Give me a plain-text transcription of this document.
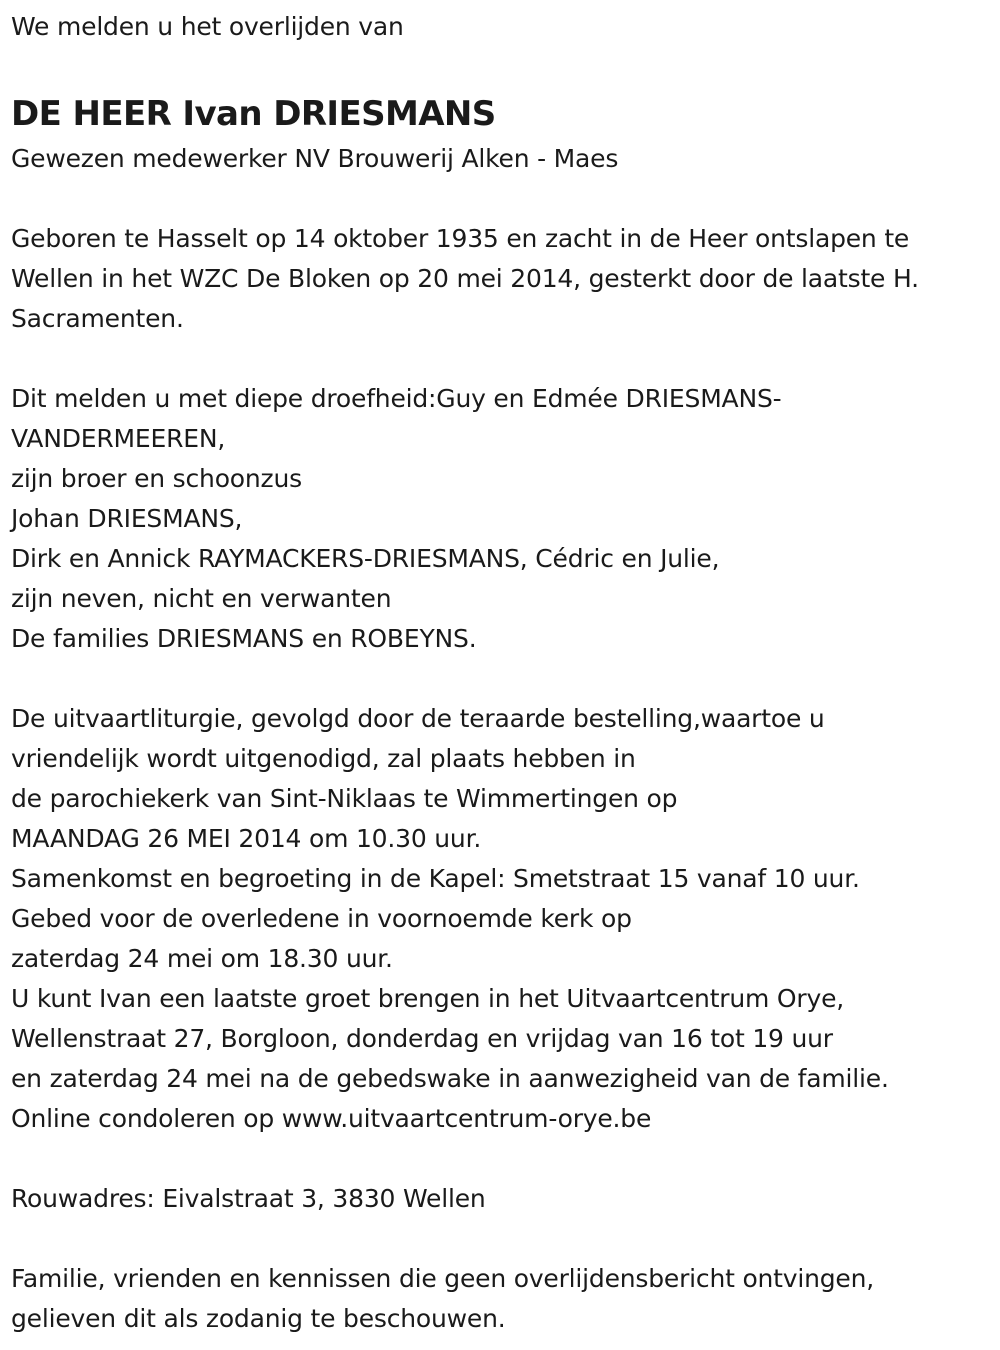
We melden u het overlijden van
DE HEER Ivan DRIESMANS
Gewezen medewerker NV Brouwerij Alken - Maes
Geboren te Hasselt op 14 oktober 1935 en zacht in de Heer ontslapen te
Wellen in het WZC De Bloken op 20 mei 2014, gesterkt door de laatste H.
Sacramenten.
Dit melden u met diepe droefheid:Guy en Edmée DRIESMANS-
VANDERMEEREN,
zijn broer en schoonzus
Johan DRIESMANS,
Dirk en Annick RAYMACKERS-DRIESMANS, Cédric en Julie,
zijn neven, nicht en verwanten
De families DRIESMANS en ROBEYNS.
De uitvaartliturgie, gevolgd door de teraarde bestelling,waartoe u
vriendelijk wordt uitgenodigd, zal plaats hebben in
de parochiekerk van Sint-Niklaas te Wimmertingen op
MAANDAG 26 MEI 2014 om 10.30 uur.
Samenkomst en begroeting in de Kapel: Smetstraat 15 vanaf 10 uur.
Gebed voor de overledene in voornoemde kerk op
zaterdag 24 mei om 18.30 uur.
U kunt Ivan een laatste groet brengen in het Uitvaartcentrum Orye,
Wellenstraat 27, Borgloon, donderdag en vrijdag van 16 tot 19 uur
en zaterdag 24 mei na de gebedswake in aanwezigheid van de familie.
Online condoleren op www.uitvaartcentrum-orye.be
Rouwadres: Eivalstraat 3, 3830 Wellen
Familie, vrienden en kennissen die geen overlijdensbericht ontvingen,
gelieven dit als zodanig te beschouwen.
